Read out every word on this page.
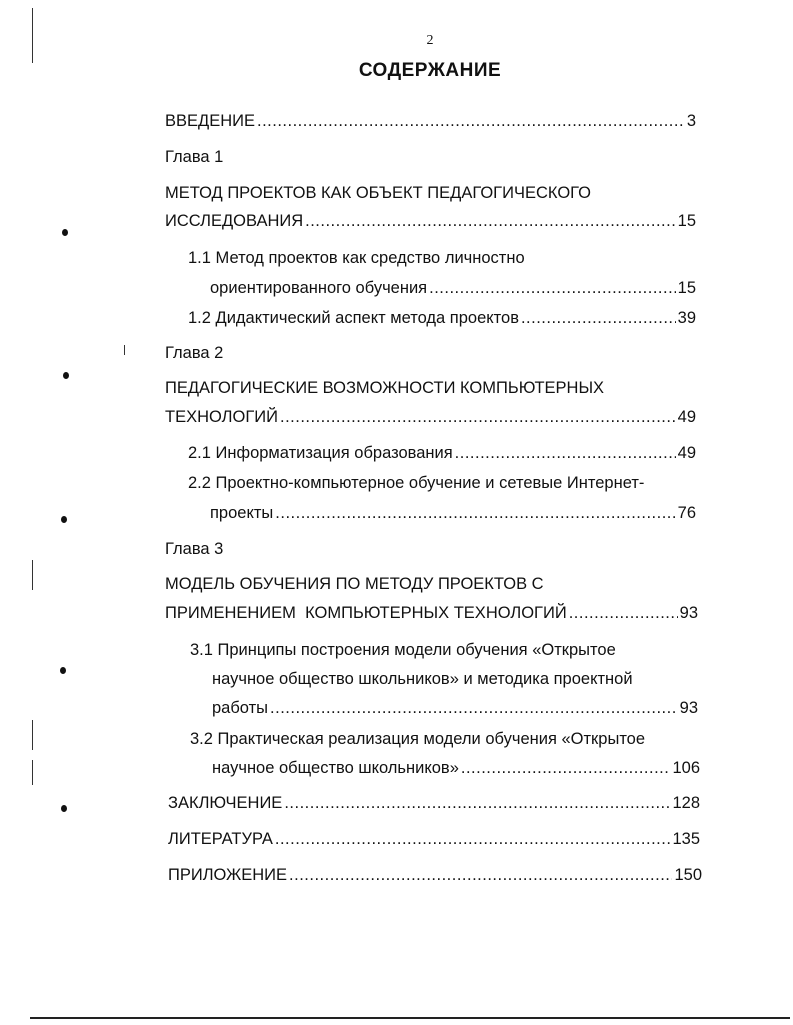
2
СОДЕРЖАНИЕ
ВВЕДЕНИЕ .....	3
Глава 1
МЕТОД ПРОЕКТОВ КАК ОБЪЕКТ ПЕДАГОГИЧЕСКОГО
ИССЛЕДОВАНИЯ .....	15
1.1 Метод проектов как средство личностно
ориентированного обучения .....	15
1.2 Дидактический аспект метода проектов .....	39
Глава 2
ПЕДАГОГИЧЕСКИЕ ВОЗМОЖНОСТИ КОМПЬЮТЕРНЫХ
ТЕХНОЛОГИЙ .....	49
2.1 Информатизация образования .....	49
2.2 Проектно-компьютерное обучение и сетевые Интернет-
проекты .....	76
Глава 3
МОДЕЛЬ ОБУЧЕНИЯ ПО МЕТОДУ ПРОЕКТОВ С
ПРИМЕНЕНИЕМ  КОМПЬЮТЕРНЫХ ТЕХНОЛОГИЙ .....	93
3.1 Принципы построения модели обучения «Открытое
научное общество школьников» и методика проектной
работы .....	93
3.2 Практическая реализация модели обучения «Открытое
научное общество школьников» .....	106
ЗАКЛЮЧЕНИЕ .....	128
ЛИТЕРАТУРА .....	135
ПРИЛОЖЕНИЕ .....	150
